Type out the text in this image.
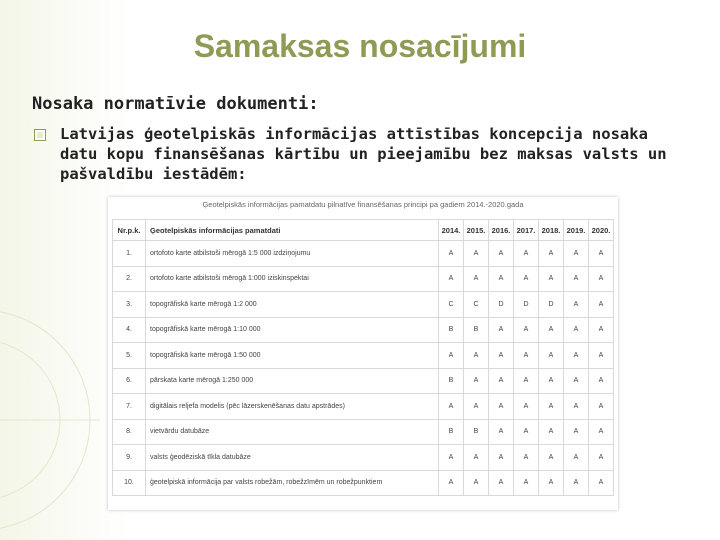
Samaksas nosacījumi
Nosaka normatīvie dokumenti:
Latvijas ģeotelpiskās informācijas attīstības koncepcija nosaka datu kopu finansēšanas kārtību un pieejamību bez maksas valsts un pašvaldību iestādēm:
Ģeotelpiskās informācijas pamatdatu pilnatīve finansēšanas principi pa gadiem 2014.-2020.gada
Nr.p.k.	Ģeotelpiskās informācijas pamatdati	2014.	2015.	2016.	2017.	2018.	2019.	2020.
1.	ortofoto karte atbilstoši mērogā 1:5 000 izdziņojumu	A	A	A	A	A	A	A
2.	ortofoto karte atbilstoši mērogā 1:000 iziskinspektai	A	A	A	A	A	A	A
3.	topogrāfiskā karte mērogā 1:2 000	C	C	D	D	D	A	A
4.	topogrāfiskā karte mērogā 1:10 000	B	B	A	A	A	A	A
5.	topogrāfiskā karte mērogā 1:50 000	A	A	A	A	A	A	A
6.	pārskata karte mērogā 1:250 000	B	A	A	A	A	A	A
7.	digitālais reljefa modelis (pēc lāzerskenēšanas datu apstrādes)	A	A	A	A	A	A	A
8.	vietvārdu datubāze	B	B	A	A	A	A	A
9.	valsts ģeodēziskā tīkla datubāze	A	A	A	A	A	A	A
10.	ģeotelpiskā informācija par valsts robežām, robežzīmēm un robežpunktiem	A	A	A	A	A	A	A
